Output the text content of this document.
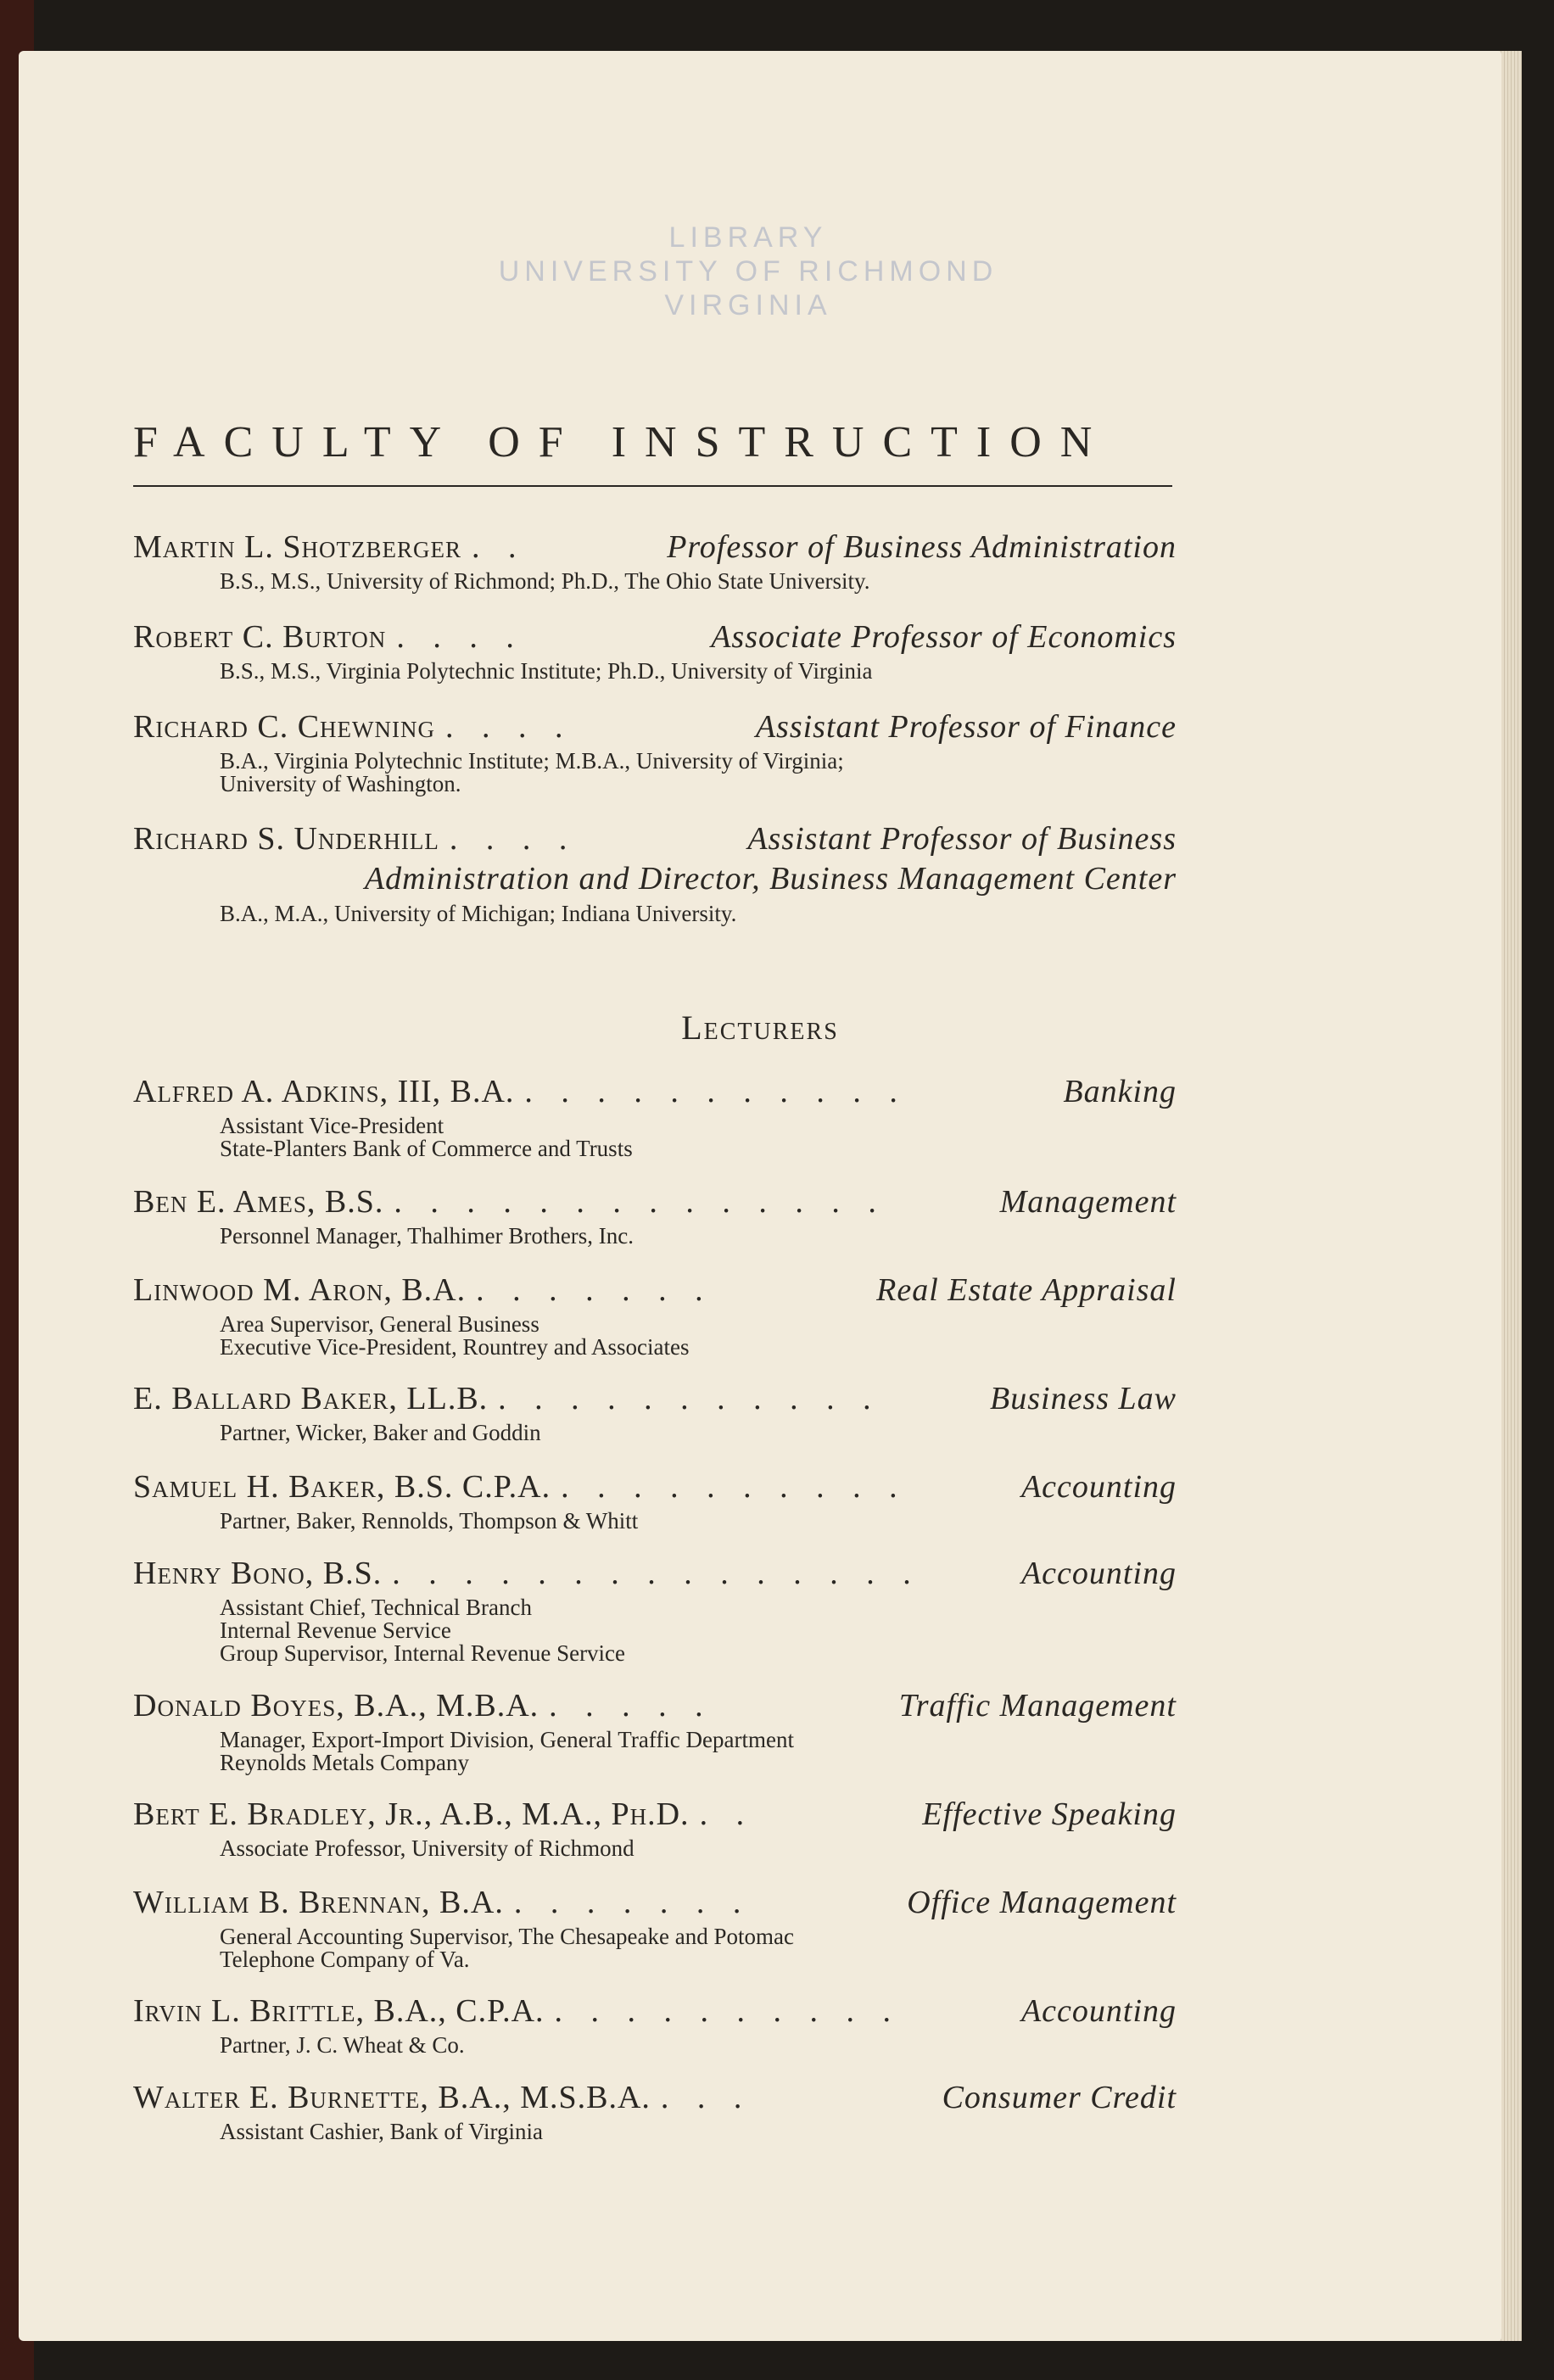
LIBRARY
UNIVERSITY OF RICHMOND
VIRGINIA
FACULTY OF INSTRUCTION
Martin L. Shotzberger . .	Professor of Business Administration
B.S., M.S., University of Richmond; Ph.D., The Ohio State University.
Robert C. Burton . . . .	Associate Professor of Economics
B.S., M.S., Virginia Polytechnic Institute; Ph.D., University of Virginia
Richard C. Chewning . . . .	Assistant Professor of Finance
B.A., Virginia Polytechnic Institute; M.B.A., University of Virginia;
University of Washington.
Richard S. Underhill . . . .	Assistant Professor of Business
Administration and Director, Business Management Center
B.A., M.A., University of Michigan; Indiana University.
Lecturers
Alfred A. Adkins, III, B.A. . . . . . . . . . . .	Banking
Assistant Vice-President
State-Planters Bank of Commerce and Trusts
Ben E. Ames, B.S. . . . . . . . . . . . . . .	Management
Personnel Manager, Thalhimer Brothers, Inc.
Linwood M. Aron, B.A. . . . . . . .	Real Estate Appraisal
Area Supervisor, General Business
Executive Vice-President, Rountrey and Associates
E. Ballard Baker, LL.B. . . . . . . . . . . .	Business Law
Partner, Wicker, Baker and Goddin
Samuel H. Baker, B.S. C.P.A. . . . . . . . . . .	Accounting
Partner, Baker, Rennolds, Thompson & Whitt
Henry Bono, B.S. . . . . . . . . . . . . . . .	Accounting
Assistant Chief, Technical Branch
Internal Revenue Service
Group Supervisor, Internal Revenue Service
Donald Boyes, B.A., M.B.A. . . . . .	Traffic Management
Manager, Export-Import Division, General Traffic Department
Reynolds Metals Company
Bert E. Bradley, Jr., A.B., M.A., Ph.D. . .	Effective Speaking
Associate Professor, University of Richmond
William B. Brennan, B.A. . . . . . . .	Office Management
General Accounting Supervisor, The Chesapeake and Potomac
Telephone Company of Va.
Irvin L. Brittle, B.A., C.P.A. . . . . . . . . . .	Accounting
Partner, J. C. Wheat & Co.
Walter E. Burnette, B.A., M.S.B.A. . . .	Consumer Credit
Assistant Cashier, Bank of Virginia
